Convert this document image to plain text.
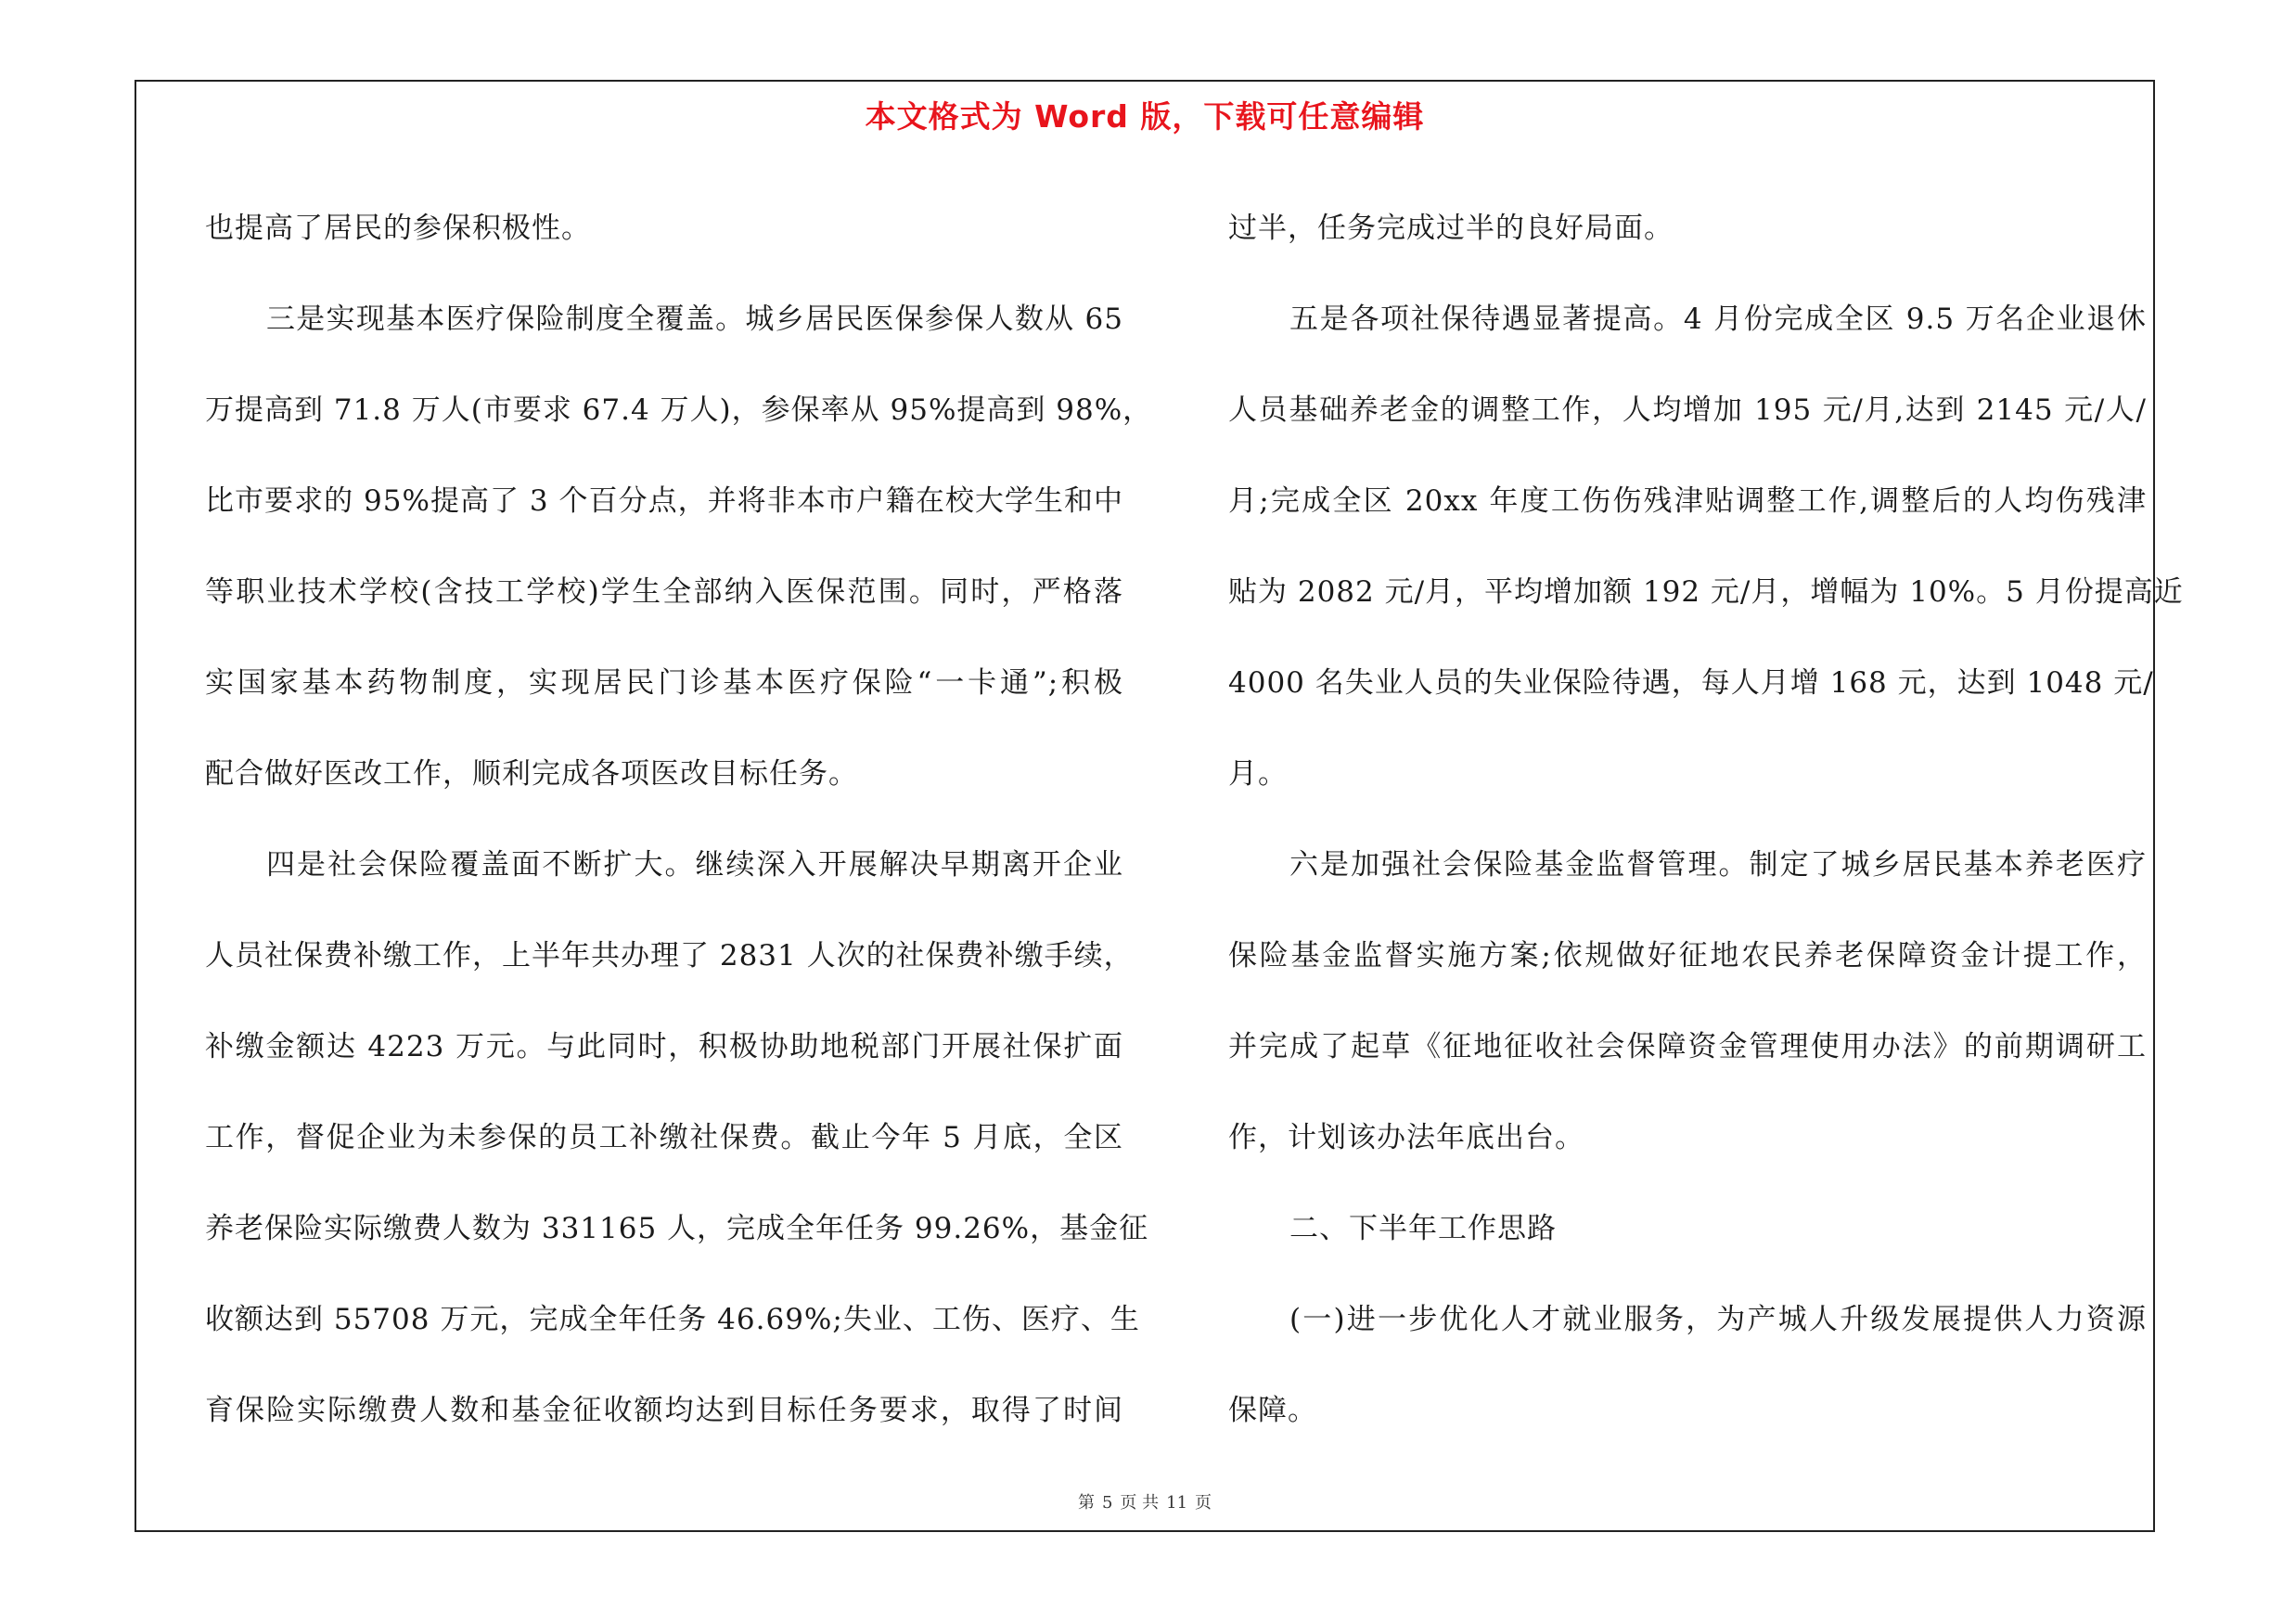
本文格式为 Word 版，下载可任意编辑
也提高了居民的参保积极性。
三是实现基本医疗保险制度全覆盖。城乡居民医保参保人数从 65
万提高到 71.8 万人(市要求 67.4 万人)，参保率从 95%提高到 98%，
比市要求的 95%提高了 3 个百分点，并将非本市户籍在校大学生和中
等职业技术学校(含技工学校)学生全部纳入医保范围。同时，严格落
实国家基本药物制度，实现居民门诊基本医疗保险“一卡通”;积极
配合做好医改工作，顺利完成各项医改目标任务。
四是社会保险覆盖面不断扩大。继续深入开展解决早期离开企业
人员社保费补缴工作，上半年共办理了 2831 人次的社保费补缴手续，
补缴金额达 4223 万元。与此同时，积极协助地税部门开展社保扩面
工作，督促企业为未参保的员工补缴社保费。截止今年 5 月底，全区
养老保险实际缴费人数为 331165 人，完成全年任务 99.26%，基金征
收额达到 55708 万元，完成全年任务 46.69%;失业、工伤、医疗、生
育保险实际缴费人数和基金征收额均达到目标任务要求，取得了时间
过半，任务完成过半的良好局面。
五是各项社保待遇显著提高。4 月份完成全区 9.5 万名企业退休
人员基础养老金的调整工作，人均增加 195 元/月,达到 2145 元/人/
月;完成全区 20xx 年度工伤伤残津贴调整工作,调整后的人均伤残津
贴为 2082 元/月，平均增加额 192 元/月，增幅为 10%。5 月份提高近
4000 名失业人员的失业保险待遇，每人月增 168 元，达到 1048 元/
月。
六是加强社会保险基金监督管理。制定了城乡居民基本养老医疗
保险基金监督实施方案;依规做好征地农民养老保障资金计提工作，
并完成了起草《征地征收社会保障资金管理使用办法》的前期调研工
作，计划该办法年底出台。
二、下半年工作思路
(一)进一步优化人才就业服务，为产城人升级发展提供人力资源
保障。
第 5 页 共 11 页
